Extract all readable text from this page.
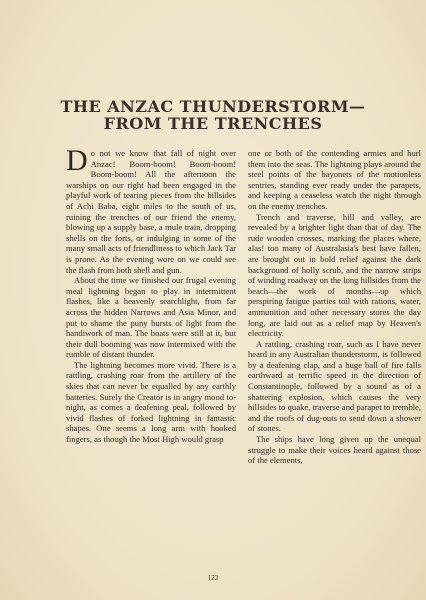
THE ANZAC THUNDERSTORM—
FROM THE TRENCHES

Do not we know that fall of night over Anzac! Boom-boom! Boom-boom! Boom-boom! All the afternoon the warships on our right had been engaged in the playful work of tearing pieces from the hillsides of Achi Baba, eight miles to the south of us, ruining the trenches of our friend the enemy, blowing up a supply base, a mule train, dropping shells on the forts, or indulging in some of the many small acts of friendliness to which Jack Tar is prone. As the evening wore on we could see the flash from both shell and gun.

About the time we finished our frugal evening meal lightning began to play in intermittent flashes, like a heavenly searchlight, from far across the hidden Narrows and Asia Minor, and put to shame the puny bursts of light from the handiwork of man. The boats were still at it, but their dull booming was now intermixed with the rumble of distant thunder.

The lightning becomes more vivid. There is a rattling, crashing roar from the artillery of the skies that can never be equalled by any earthly batteries. Surely the Creator is in angry mood to-night, as comes a deafening peal, followed by vivid flashes of forked lightning in fantastic shapes. One seems a long arm with hooked fingers, as though the Most High would grasp

one or both of the contending armies and hurl them into the seas. The lightning plays around the steel points of the bayonets of the motionless sentries, standing ever ready under the parapets, and keeping a ceaseless watch the night through on the enemy trenches.

Trench and traverse, hill and valley, are revealed by a brighter light than that of day. The rude wooden crosses, marking the places where, alas! too many of Australasia's best have fallen, are brought out in bold relief against the dark background of holly scrub, and the narrow strips of winding roadway on the long hillsides from the beach—the work of months—up which perspiring fatigue parties toil with rations, water, ammunition and other necessary stores the day long, are laid out as a relief map by Heaven's electricity.

A rattling, crashing roar, such as I have never heard in any Australian thunderstorm, is followed by a deafening clap, and a huge ball of fire falls earthward at terrific speed in the direction of Constantinople, followed by a sound as of a shattering explosion, which causes the very hillsides to quake, traverse and parapet to tremble, and the roofs of dug-outs to send down a shower of stones.

The ships have long given up the unequal struggle to make their voices heard against those of the elements,

122
